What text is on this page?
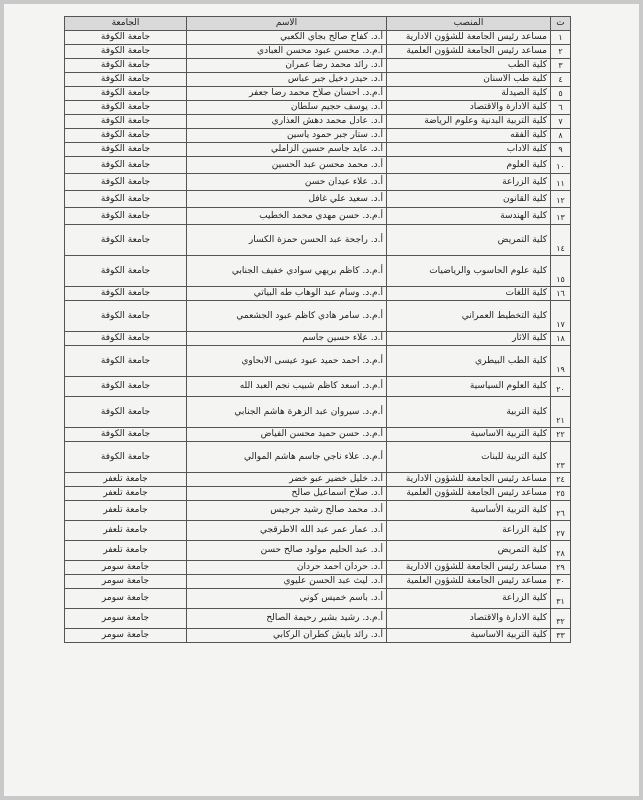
ت	المنصب	الاسم	الجامعة
١	مساعد رئيس الجامعة للشؤون الادارية	أ.د. كفاح صالح بجاي الكعبي	جامعة الكوفة
٢	مساعد رئيس الجامعة للشؤون العلمية	أ.م.د. محسن عبود محسن العبادي	جامعة الكوفة
٣	كلية الطب	أ.د. رائد محمد رضا عمران	جامعة الكوفة
٤	كلية طب الاسنان	أ.د. حيدر دخيل جبر عباس	جامعة الكوفة
٥	كلية الصيدلة	أ.م.د. احسان صلاح محمد رضا جعفر	جامعة الكوفة
٦	كلية الادارة والاقتصاد	أ.د. يوسف حجيم سلطان	جامعة الكوفة
٧	كلية التربية البدنية وعلوم الرياضة	أ.د. عادل محمد دهش العذاري	جامعة الكوفة
٨	كلية الفقه	أ.د. ستار جبر حمود ياسين	جامعة الكوفة
٩	كلية الاداب	أ.د. عايد جاسم حسين الزاملي	جامعة الكوفة
١٠	كلية العلوم	أ.د. محمد محسن عبد الحسين	جامعة الكوفة
١١	كلية الزراعة	أ.د. علاء عيدان حسن	جامعة الكوفة
١٢	كلية القانون	أ.د. سعيد علي غافل	جامعة الكوفة
١٣	كلية الهندسة	أ.م.د. حسن مهدي محمد الخطيب	جامعة الكوفة
١٤	كلية التمريض	أ.د. راجحة عبد الحسن حمزة الكسار	جامعة الكوفة
١٥	كلية علوم الحاسوب والرياضيات	أ.م.د. كاظم بريهي سوادي خفيف الجنابي	جامعة الكوفة
١٦	كلية اللغات	أ.م.د. وسام عبد الوهاب طه البياتي	جامعة الكوفة
١٧	كلية التخطيط العمراني	أ.م.د. سامر هادي كاظم عبود الجشعمي	جامعة الكوفة
١٨	كلية الاثار	أ.د. علاء حسين جاسم	جامعة الكوفة
١٩	كلية الطب البيطري	أ.م.د. احمد حميد عبود عيسى الابحاوي	جامعة الكوفة
٢٠	كلية العلوم السياسية	أ.م.د. اسعد كاظم شبيب نجم العبد الله	جامعة الكوفة
٢١	كلية التربية	أ.م.د. سيروان عبد الزهرة هاشم الجنابي	جامعة الكوفة
٢٢	كلية التربية الاساسية	أ.م.د. حسن حميد محسن الفياض	جامعة الكوفة
٢٣	كلية التربية للبنات	أ.م.د. علاء ناجي جاسم هاشم الموالي	جامعة الكوفة
٢٤	مساعد رئيس الجامعة للشؤون الادارية	أ.د. خليل خضير عبو خضر	جامعة تلعفر
٢٥	مساعد رئيس الجامعة للشؤون العلمية	أ.د. صلاح اسماعيل صالح	جامعة تلعفر
٢٦	كلية التربية الأساسية	أ.د. محمد صالح رشيد جرجيس	جامعة تلعفر
٢٧	كلية الزراعة	أ.د. عمار عمر عبد الله الاطرقجي	جامعة تلعفر
٢٨	كلية التمريض	أ.د. عبد الحليم مولود صالح حسن	جامعة تلعفر
٢٩	مساعد رئيس الجامعة للشؤون الادارية	أ.د. حردان احمد حردان	جامعة سومر
٣٠	مساعد رئيس الجامعة للشؤون العلمية	أ.د. ليث عبد الحسن عليوي	جامعة سومر
٣١	كلية الزراعة	أ.د. باسم خميس كوني	جامعة سومر
٣٢	كلية الادارة والاقتصاد	أ.م.د. رشيد بشير رحيمة الصالح	جامعة سومر
٣٣	كلية التربية الاساسية	أ.د. رائد بايش كطران الركابي	جامعة سومر
